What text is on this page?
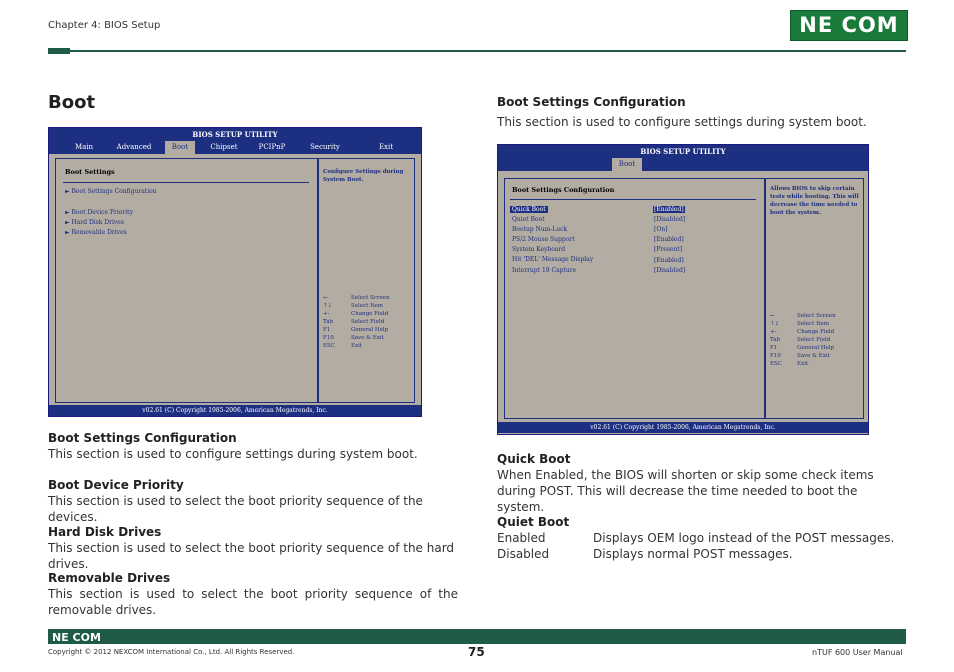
Chapter 4: BIOS Setup	NE COM
Boot
BIOS SETUP UTILITY
Main	Advanced	Boot	Chipset	PCIPnP	Security	Exit
Boot Settings
► Boot Settings Configuration
► Boot Device Priority
► Hard Disk Drives
► Removable Drives
Configure Settings during System Boot.
←	Select Screen
↑↓	Select Item
+-	Change Field
Tab	Select Field
F1	General Help
F10	Save & Exit
ESC	Exit
v02.61 (C) Copyright 1985-2006, American Megatrends, Inc.
Boot Settings Configuration
This section is used to configure settings during system boot.
Boot Device Priority
This section is used to select the boot priority sequence of the devices.
Hard Disk Drives
This section is used to select the boot priority sequence of the hard drives.
Removable Drives
This section is used to select the boot priority sequence of the removable drives.
Boot Settings Configuration
This section is used to configure settings during system boot.
BIOS SETUP UTILITY
Boot
Boot Settings Configuration
Quick Boot	[Enabled]
Quiet Boot	[Disabled]
Bootup Num-Lock	[On]
PS/2 Mouse Support	[Enabled]
System Keyboard	[Present]
Hit 'DEL' Message Display	[Enabled]
Interrupt 19 Capture	[Disabled]
Allows BIOS to skip certain tests while booting. This will decrease the time needed to boot the system.
←	Select Screen
↑↓	Select Item
+-	Change Field
Tab	Select Field
F1	General Help
F10	Save & Exit
ESC	Exit
v02.61 (C) Copyright 1985-2006, American Megatrends, Inc.
Quick Boot
When Enabled, the BIOS will shorten or skip some check items during POST. This will decrease the time needed to boot the system.
Quiet Boot
Enabled	Displays OEM logo instead of the POST messages.
Disabled	Displays normal POST messages.
NE COM
Copyright © 2012 NEXCOM International Co., Ltd. All Rights Reserved.	75	nTUF 600 User Manual
